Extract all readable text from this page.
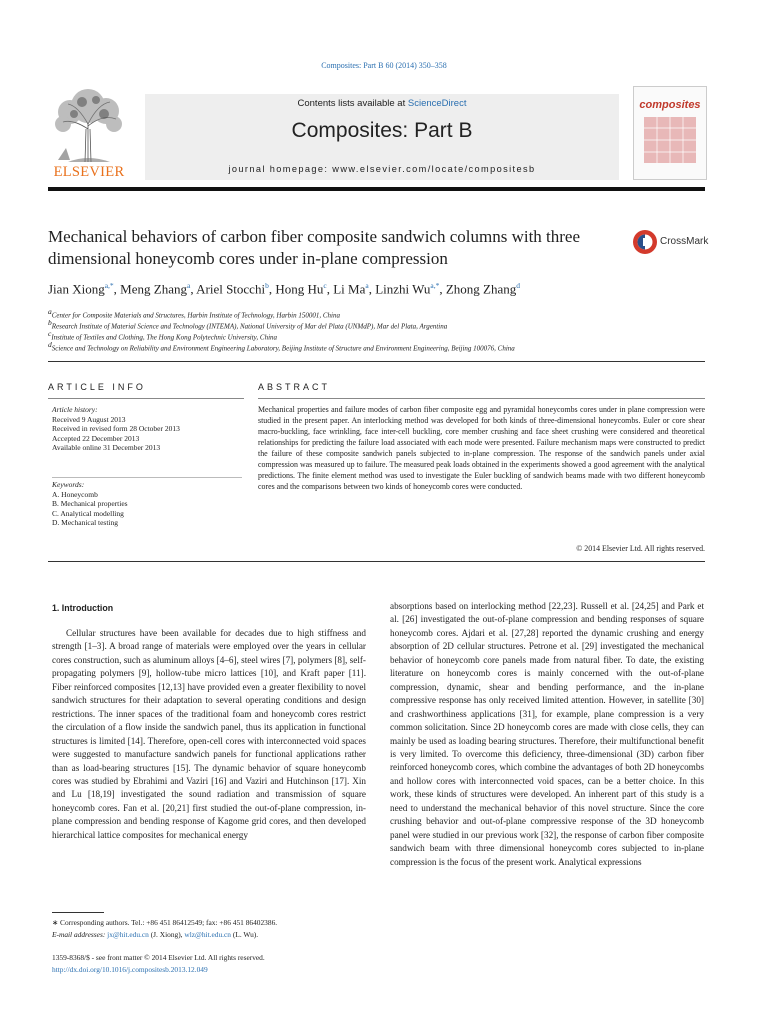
Composites: Part B 60 (2014) 350–358
ELSEVIER
Contents lists available at ScienceDirect
Composites: Part B
journal homepage: www.elsevier.com/locate/compositesb
composites
Mechanical behaviors of carbon fiber composite sandwich columns with three dimensional honeycomb cores under in-plane compression
CrossMark
Jian Xiong$^{a,*}$, Meng Zhang$^a$, Ariel Stocchi$^b$, Hong Hu$^c$, Li Ma$^a$, Linzhi $Wu^{a,*}$, Zhong Zhang$^d$
$^a$Center for Composite Materials and Structures, Harbin Institute of Technology, Harbin 150001, China
$^b$Research Institute of Material Science and Technology (INTEMA), National University of Mar del Plata (UNMdP), Mar del Plata, Argentina
$^c$Institute of Textiles and Clothing, The Hong Kong Polytechnic University, China
$^d$Science and Technology on Reliability and Environment Engineering Laboratory, Beijing Institute of Structure and Environment Engineering, Beijing 100076, China
ARTICLE INFO	ABSTRACT
Article history:
Received 9 August 2013
Received in revised form 28 October 2013
Accepted 22 December 2013
Available online 31 December 2013
Keywords:
A. Honeycomb
B. Mechanical properties
C. Analytical modelling
D. Mechanical testing
Mechanical properties and failure modes of carbon fiber composite egg and pyramidal honeycombs cores under in plane compression were studied in the present paper. An interlocking method was developed for both kinds of three-dimensional honeycombs. Euler or core shear macro-buckling, face wrinkling, face inter-cell buckling, core member crushing and face sheet crushing were considered and theoretical relationships for predicting the failure load associated with each mode were presented. Failure mechanism maps were constructed to predict the failure of these composite sandwich panels subjected to in-plane compression. The response of the sandwich panels under axial compression was measured up to failure. The measured peak loads obtained in the experiments showed a good agreement with the analytical predictions. The finite element method was used to investigate the Euler buckling of sandwich beams made with two different honeycomb cores and the comparisons between two kinds of honeycomb cores were conducted.
© 2014 Elsevier Ltd. All rights reserved.
1. Introduction

Cellular structures have been available for decades due to high stiffness and strength [1–3]. A broad range of materials were employed over the years in cellular cores construction, such as aluminum alloys [4–6], steel wires [7], polymers [8], self-propagating polymers [9], hollow-tube micro lattices [10], and Kraft paper [11]. Fiber reinforced composites [12,13] have provided even a greater flexibility to novel sandwich structures for their adaptation to several operating conditions and design restrictions. The inner spaces of the traditional foam and honeycomb cores restrict the circulation of a flow inside the sandwich panel, thus its application in functional structures is limited [14]. Therefore, open-cell cores with interconnected void spaces were suggested to manufacture sandwich panels for functional applications rather than as load-bearing structures [15]. The dynamic behavior of square honeycomb cores was studied by Ebrahimi and Vaziri [16] and Vaziri and Hutchinson [17]. Xin and Lu [18,19] investigated the sound radiation and transmission of square honeycomb cores. Fan et al. [20,21] first studied the out-of-plane compression, in-plane compression and bending response of Kagome grid cores, and then developed hierarchical lattice composites for mechanical energy

absorptions based on interlocking method [22,23]. Russell et al. [24,25] and Park et al. [26] investigated the out-of-plane compression and bending responses of square honeycomb cores. Ajdari et al. [27,28] reported the dynamic crushing and energy absorption of 2D cellular structures. Petrone et al. [29] investigated the mechanical behavior of honeycomb core panels made from natural fiber. To date, the existing literature on honeycomb cores is mainly concerned with the out-of-plane compression, dynamic, shear and bending performance, and the in-plane compressive response has only received limited attention. However, in satellite [30] and crashworthiness applications [31], for example, plane compression is a very common solicitation. Since 2D honeycomb cores are made with close cells, they can mainly be used as loading bearing structures. Therefore, their multifunctional benefit is very limited. To overcome this deficiency, three-dimensional (3D) carbon fiber reinforced honeycomb cores, which combine the advantages of both 2D honeycombs and hollow cores with interconnected void spaces, can be a better choice. In this work, these kinds of structures were developed. An inherent part of this study is a need to understand the mechanical behavior of this novel structure. Since the core crushing behavior and out-of-plane compressive response of the 3D honeycomb panel were studied in our previous work [32], the response of carbon fiber composite sandwich beam with three dimensional honeycomb cores subjected to in-plane compression is the focus of the present work. Analytical expressions

∗ Corresponding authors. Tel.: +86 451 86412549; fax: +86 451 86402386.
E-mail addresses: jx@hit.edu.cn (J. Xiong), wlz@hit.edu.cn (L. Wu).
1359-8368/$ - see front matter © 2014 Elsevier Ltd. All rights reserved.
http://dx.doi.org/10.1016/j.compositesb.2013.12.049
